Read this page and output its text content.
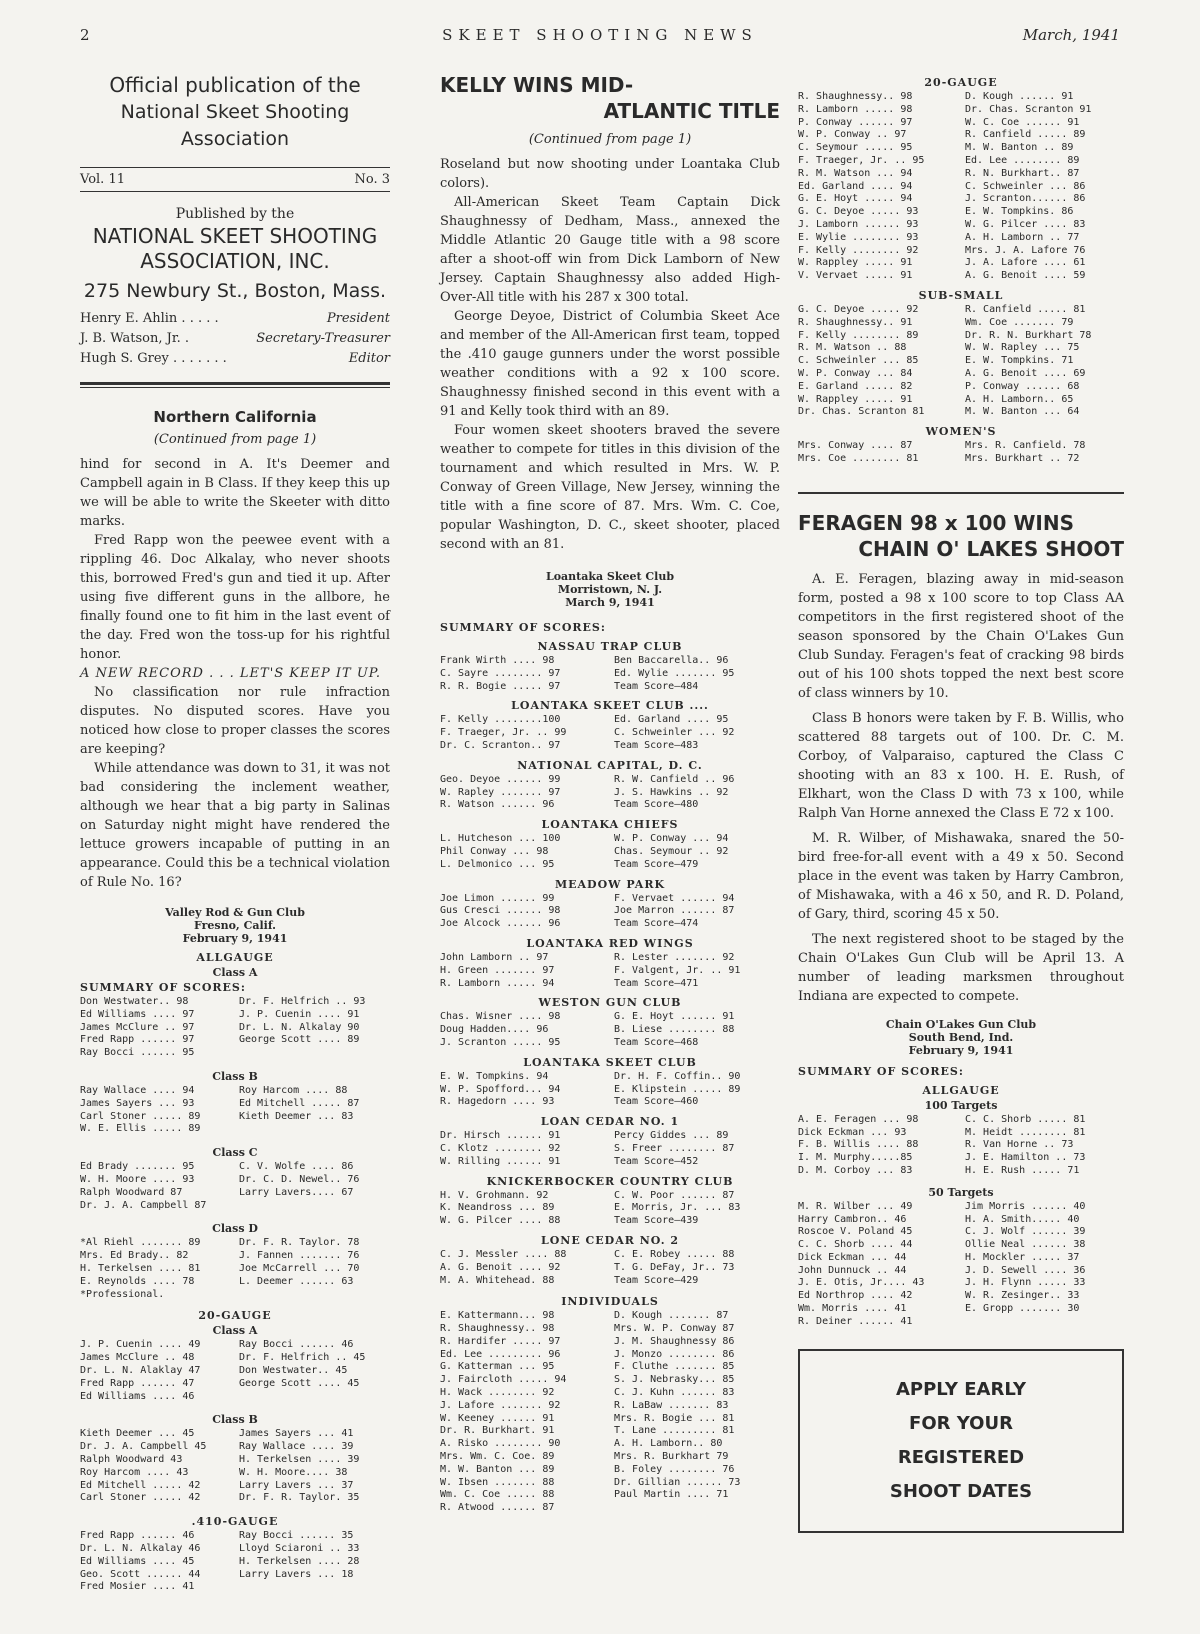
2	SKEET SHOOTING NEWS	March, 1941
Official publication of the
National Skeet Shooting Association
Vol. 11	No. 3
Published by the
NATIONAL SKEET SHOOTING
ASSOCIATION, INC.
275 Newbury St., Boston, Mass.
Henry E. Ahlin . . . . .	President
J. B. Watson, Jr. .	Secretary-Treasurer
Hugh S. Grey . . . . . . .	Editor
Northern California
(Continued from page 1)

hind for second in A. It's Deemer and Campbell again in B Class. If they keep this up we will be able to write the Skeeter with ditto marks.

Fred Rapp won the peewee event with a rippling 46. Doc Alkalay, who never shoots this, borrowed Fred's gun and tied it up. After using five different guns in the allbore, he finally found one to fit him in the last event of the day. Fred won the toss-up for his rightful honor.

A NEW RECORD . . . LET'S KEEP IT UP.

No classification nor rule infraction disputes. No disputed scores. Have you noticed how close to proper classes the scores are keeping?

While attendance was down to 31, it was not bad considering the inclement weather, although we hear that a big party in Salinas on Saturday night might have rendered the lettuce growers incapable of putting in an appearance. Could this be a technical violation of Rule No. 16?

Valley Rod & Gun Club
Fresno, Calif.
February 9, 1941
ALLGAUGE
Class A
SUMMARY OF SCORES:
Don Westwater.. 98	Dr. F. Helfrich .. 93
Ed Williams .... 97	J. P. Cuenin .... 91
James McClure .. 97	Dr. L. N. Alkalay 90
Fred Rapp ...... 97	George Scott .... 89
Ray Bocci ...... 95
Class B
Ray Wallace .... 94	Roy Harcom .... 88
James Sayers ... 93	Ed Mitchell ..... 87
Carl Stoner ..... 89	Kieth Deemer ... 83
W. E. Ellis ..... 89
Class C
Ed Brady ....... 95	C. V. Wolfe .... 86
W. H. Moore .... 93	Dr. C. D. Newel.. 76
Ralph Woodward 87	Larry Lavers.... 67
Dr. J. A. Campbell 87
Class D
*Al Riehl ....... 89	Dr. F. R. Taylor. 78
Mrs. Ed Brady.. 82	J. Fannen ....... 76
H. Terkelsen .... 81	Joe McCarrell ... 70
E. Reynolds .... 78	L. Deemer ...... 63
*Professional.
20-GAUGE
Class A
J. P. Cuenin .... 49	Ray Bocci ...... 46
James McClure .. 48	Dr. F. Helfrich .. 45
Dr. L. N. Alaklay 47	Don Westwater.. 45
Fred Rapp ...... 47	George Scott .... 45
Ed Williams .... 46
Class B
Kieth Deemer ... 45	James Sayers ... 41
Dr. J. A. Campbell 45	Ray Wallace .... 39
Ralph Woodward 43	H. Terkelsen .... 39
Roy Harcom .... 43	W. H. Moore.... 38
Ed Mitchell ..... 42	Larry Lavers ... 37
Carl Stoner ..... 42	Dr. F. R. Taylor. 35
.410-GAUGE
Fred Rapp ...... 46	Ray Bocci ...... 35
Dr. L. N. Alkalay 46	Lloyd Sciaroni .. 33
Ed Williams .... 45	H. Terkelsen .... 28
Geo. Scott ...... 44	Larry Lavers ... 18
Fred Mosier .... 41
KELLY WINS MID-
ATLANTIC TITLE
(Continued from page 1)

Roseland but now shooting under Loantaka Club colors).

All-American Skeet Team Captain Dick Shaughnessy of Dedham, Mass., annexed the Middle Atlantic 20 Gauge title with a 98 score after a shoot-off win from Dick Lamborn of New Jersey. Captain Shaughnessy also added High-Over-All title with his 287 x 300 total.

George Deyoe, District of Columbia Skeet Ace and member of the All-American first team, topped the .410 gauge gunners under the worst possible weather conditions with a 92 x 100 score. Shaughnessy finished second in this event with a 91 and Kelly took third with an 89.

Four women skeet shooters braved the severe weather to compete for titles in this division of the tournament and which resulted in Mrs. W. P. Conway of Green Village, New Jersey, winning the title with a fine score of 87. Mrs. Wm. C. Coe, popular Washington, D. C., skeet shooter, placed second with an 81.

Loantaka Skeet Club
Morristown, N. J.
March 9, 1941
SUMMARY OF SCORES:
NASSAU TRAP CLUB
Frank Wirth .... 98	Ben Baccarella.. 96
C. Sayre ........ 97	Ed. Wylie ....... 95
R. R. Bogie ..... 97	Team Score—484
LOANTAKA SKEET CLUB ....
F. Kelly ........100	Ed. Garland .... 95
F. Traeger, Jr. .. 99	C. Schweinler ... 92
Dr. C. Scranton.. 97	Team Score—483
NATIONAL CAPITAL, D. C.
Geo. Deyoe ...... 99	R. W. Canfield .. 96
W. Rapley ....... 97	J. S. Hawkins .. 92
R. Watson ...... 96	Team Score—480
LOANTAKA CHIEFS
L. Hutcheson ... 100	W. P. Conway ... 94
Phil Conway ... 98	Chas. Seymour .. 92
L. Delmonico ... 95	Team Score—479
MEADOW PARK
Joe Limon ...... 99	F. Vervaet ...... 94
Gus Cresci ...... 98	Joe Marron ...... 87
Joe Alcock ...... 96	Team Score—474
LOANTAKA RED WINGS
John Lamborn .. 97	R. Lester ....... 92
H. Green ....... 97	F. Valgent, Jr. .. 91
R. Lamborn ..... 94	Team Score—471
WESTON GUN CLUB
Chas. Wisner .... 98	G. E. Hoyt ...... 91
Doug Hadden.... 96	B. Liese ........ 88
J. Scranton ..... 95	Team Score—468
LOANTAKA SKEET CLUB
E. W. Tompkins. 94	Dr. H. F. Coffin.. 90
W. P. Spofford... 94	E. Klipstein ..... 89
R. Hagedorn .... 93	Team Score—460
LOAN CEDAR NO. 1
Dr. Hirsch ...... 91	Percy Giddes ... 89
C. Klotz ........ 92	S. Freer ........ 87
W. Rilling ...... 91	Team Score—452
KNICKERBOCKER COUNTRY CLUB
H. V. Grohmann. 92	C. W. Poor ...... 87
K. Neandross ... 89	E. Morris, Jr. ... 83
W. G. Pilcer .... 88	Team Score—439
LONE CEDAR NO. 2
C. J. Messler .... 88	C. E. Robey ..... 88
A. G. Benoit .... 92	T. G. DeFay, Jr.. 73
M. A. Whitehead. 88	Team Score—429
INDIVIDUALS
E. Kattermann... 98	D. Kough ....... 87
R. Shaughnessy.. 98	Mrs. W. P. Conway 87
R. Hardifer ..... 97	J. M. Shaughnessy 86
Ed. Lee ......... 96	J. Monzo ........ 86
G. Katterman ... 95	F. Cluthe ....... 85
J. Faircloth ..... 94	S. J. Nebrasky... 85
H. Wack ........ 92	C. J. Kuhn ...... 83
J. Lafore ....... 92	R. LaBaw ....... 83
W. Keeney ...... 91	Mrs. R. Bogie ... 81
Dr. R. Burkhart. 91	T. Lane ......... 81
A. Risko ........ 90	A. H. Lamborn.. 80
Mrs. Wm. C. Coe. 89	Mrs. R. Burkhart 79
M. W. Banton ... 89	B. Foley ........ 76
W. Ibsen ....... 88	Dr. Gillian ...... 73
Wm. C. Coe ..... 88	Paul Martin .... 71
R. Atwood ...... 87
20-GAUGE
R. Shaughnessy.. 98	D. Kough ...... 91
R. Lamborn ..... 98	Dr. Chas. Scranton 91
P. Conway ...... 97	W. C. Coe ...... 91
W. P. Conway .. 97	R. Canfield ..... 89
C. Seymour ..... 95	M. W. Banton .. 89
F. Traeger, Jr. .. 95	Ed. Lee ........ 89
R. M. Watson ... 94	R. N. Burkhart.. 87
Ed. Garland .... 94	C. Schweinler ... 86
G. E. Hoyt ..... 94	J. Scranton...... 86
G. C. Deyoe ..... 93	E. W. Tompkins. 86
J. Lamborn ...... 93	W. G. Pilcer .... 83
E. Wylie ........ 93	A. H. Lamborn .. 77
F. Kelly ........ 92	Mrs. J. A. Lafore 76
W. Rappley ..... 91	J. A. Lafore .... 61
V. Vervaet ..... 91	A. G. Benoit .... 59
SUB-SMALL
G. C. Deyoe ..... 92	R. Canfield ..... 81
R. Shaughnessy.. 91	Wm. Coe ....... 79
F. Kelly ........ 89	Dr. R. N. Burkhart 78
R. M. Watson .. 88	W. W. Rapley ... 75
C. Schweinler ... 85	E. W. Tompkins. 71
W. P. Conway ... 84	A. G. Benoit .... 69
E. Garland ..... 82	P. Conway ...... 68
W. Rappley ..... 91	A. H. Lamborn.. 65
Dr. Chas. Scranton 81	M. W. Banton ... 64
WOMEN'S
Mrs. Conway .... 87	Mrs. R. Canfield. 78
Mrs. Coe ........ 81	Mrs. Burkhart .. 72
FERAGEN 98 x 100 WINS
CHAIN O' LAKES SHOOT

A. E. Feragen, blazing away in mid-season form, posted a 98 x 100 score to top Class AA competitors in the first registered shoot of the season sponsored by the Chain O'Lakes Gun Club Sunday. Feragen's feat of cracking 98 birds out of his 100 shots topped the next best score of class winners by 10.

Class B honors were taken by F. B. Willis, who scattered 88 targets out of 100. Dr. C. M. Corboy, of Valparaiso, captured the Class C shooting with an 83 x 100. H. E. Rush, of Elkhart, won the Class D with 73 x 100, while Ralph Van Horne annexed the Class E 72 x 100.

M. R. Wilber, of Mishawaka, snared the 50-bird free-for-all event with a 49 x 50. Second place in the event was taken by Harry Cambron, of Mishawaka, with a 46 x 50, and R. D. Poland, of Gary, third, scoring 45 x 50.

The next registered shoot to be staged by the Chain O'Lakes Gun Club will be April 13. A number of leading marksmen throughout Indiana are expected to compete.

Chain O'Lakes Gun Club
South Bend, Ind.
February 9, 1941
SUMMARY OF SCORES:
ALLGAUGE
100 Targets
A. E. Feragen ... 98	C. C. Shorb ..... 81
Dick Eckman ... 93	M. Heidt ........ 81
F. B. Willis .... 88	R. Van Horne .. 73
I. M. Murphy.....85	J. E. Hamilton .. 73
D. M. Corboy ... 83	H. E. Rush ..... 71
50 Targets
M. R. Wilber ... 49	Jim Morris ...... 40
Harry Cambron.. 46	H. A. Smith..... 40
Roscoe V. Poland 45	C. J. Wolf ...... 39
C. C. Shorb .... 44	Ollie Neal ...... 38
Dick Eckman ... 44	H. Mockler ..... 37
John Dunnuck .. 44	J. D. Sewell .... 36
J. E. Otis, Jr.... 43	J. H. Flynn ..... 33
Ed Northrop .... 42	W. R. Zesinger.. 33
Wm. Morris .... 41	E. Gropp ....... 30
R. Deiner ...... 41
APPLY EARLY
FOR YOUR
REGISTERED
SHOOT DATES
